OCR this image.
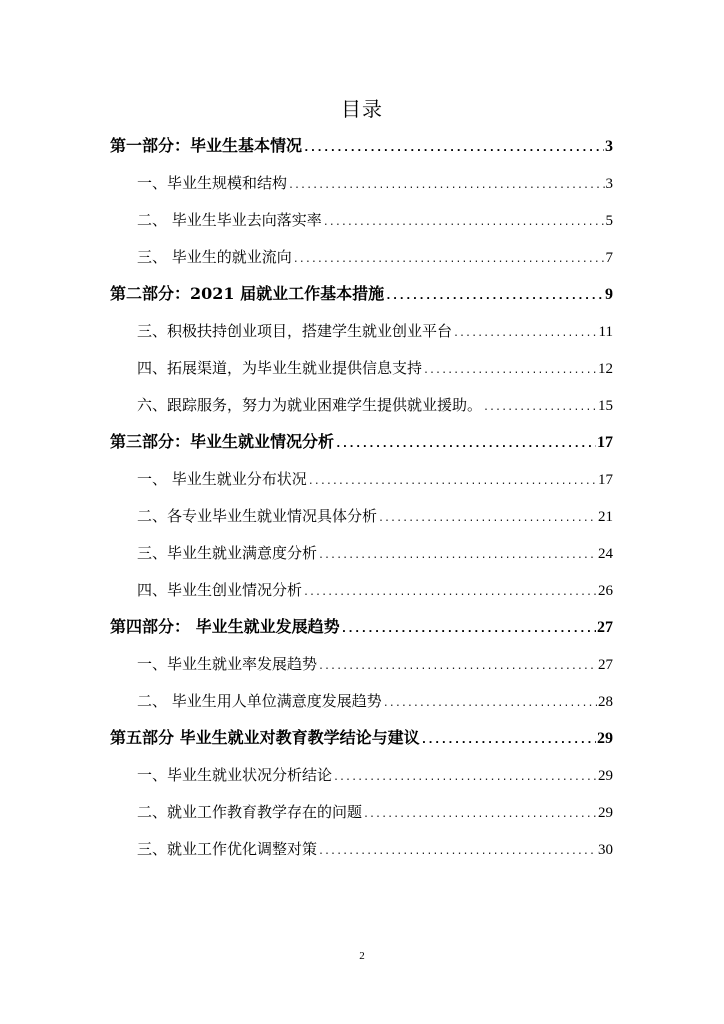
目录
第一部分：毕业生基本情况 .....	3
一、毕业生规模和结构 .....	3
二、 毕业生毕业去向落实率 .....	5
三、 毕业生的就业流向 .....	7
第二部分：2021 届就业工作基本措施 .....	9
三、积极扶持创业项目，搭建学生就业创业平台 .....	11
四、拓展渠道，为毕业生就业提供信息支持 .....	12
六、跟踪服务，努力为就业困难学生提供就业援助。 .....	15
第三部分：毕业生就业情况分析 .....	17
一、 毕业生就业分布状况 .....	17
二、各专业毕业生就业情况具体分析 .....	21
三、毕业生就业满意度分析 .....	24
四、毕业生创业情况分析 .....	26
第四部分： 毕业生就业发展趋势 .....	27
一、毕业生就业率发展趋势 .....	27
二、 毕业生用人单位满意度发展趋势 .....	28
第五部分 毕业生就业对教育教学结论与建议 .....	29
一、毕业生就业状况分析结论 .....	29
二、就业工作教育教学存在的问题 .....	29
三、就业工作优化调整对策 .....	30
2
